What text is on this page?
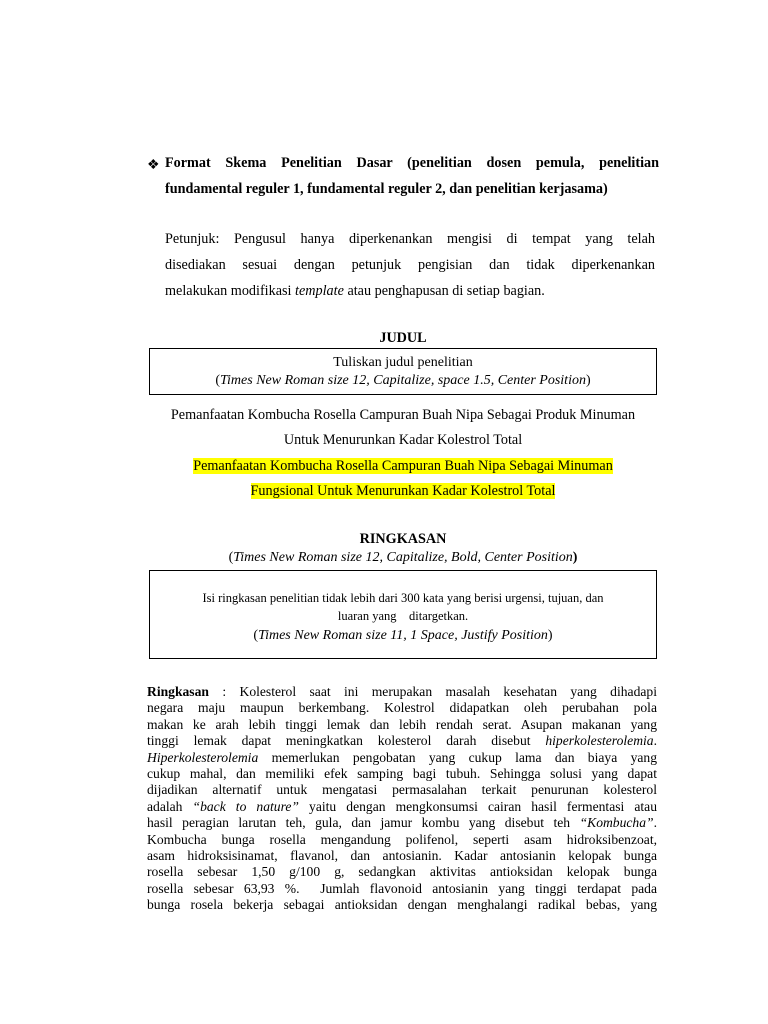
❖ Format Skema Penelitian Dasar (penelitian dosen pemula, penelitian fundamental reguler 1, fundamental reguler 2, dan penelitian kerjasama)
Petunjuk: Pengusul hanya diperkenankan mengisi di tempat yang telah
disediakan sesuai dengan petunjuk pengisian dan tidak diperkenankan
melakukan modifikasi template atau penghapusan di setiap bagian.
JUDUL
Tuliskan judul penelitian
(Times New Roman size 12, Capitalize, space 1.5, Center Position)
Pemanfaatan Kombucha Rosella Campuran Buah Nipa Sebagai Produk Minuman
Untuk Menurunkan Kadar Kolestrol Total
Pemanfaatan Kombucha Rosella Campuran Buah Nipa Sebagai Minuman
Fungsional Untuk Menurunkan Kadar Kolestrol Total
RINGKASAN
(Times New Roman size 12, Capitalize, Bold, Center Position)
Isi ringkasan penelitian tidak lebih dari 300 kata yang berisi urgensi, tujuan, dan
luaran yang    ditargetkan.
(Times New Roman size 11, 1 Space, Justify Position)
Ringkasan : Kolesterol saat ini merupakan masalah kesehatan yang dihadapi
negara maju maupun berkembang. Kolestrol didapatkan oleh perubahan pola
makan ke arah lebih tinggi lemak dan lebih rendah serat. Asupan makanan yang
tinggi lemak dapat meningkatkan kolesterol darah disebut hiperkolesterolemia.
Hiperkolesterolemia memerlukan pengobatan yang cukup lama dan biaya yang
cukup mahal, dan memiliki efek samping bagi tubuh. Sehingga solusi yang dapat
dijadikan alternatif untuk mengatasi permasalahan terkait penurunan kolesterol
adalah “back to nature” yaitu dengan mengkonsumsi cairan hasil fermentasi atau
hasil peragian larutan teh, gula, dan jamur kombu yang disebut teh “Kombucha”.
Kombucha bunga rosella mengandung polifenol, seperti asam hidroksibenzoat,
asam hidroksisinamat, flavanol, dan antosianin. Kadar antosianin kelopak bunga
rosella sebesar 1,50 g/100 g, sedangkan aktivitas antioksidan kelopak bunga
rosella sebesar 63,93 %.  Jumlah flavonoid antosianin yang tinggi terdapat pada
bunga rosela bekerja sebagai antioksidan dengan menghalangi radikal bebas, yang
